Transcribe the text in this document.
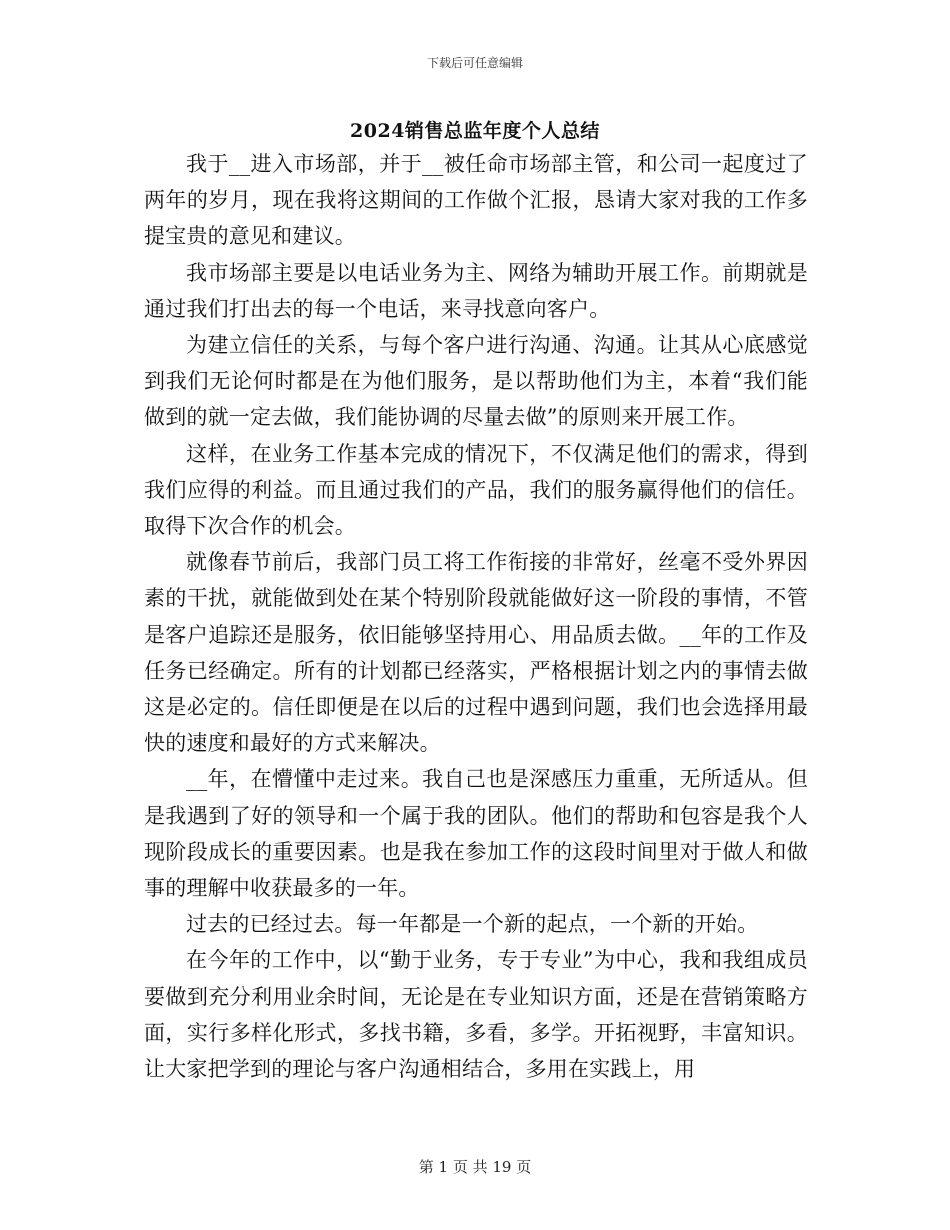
下载后可任意编辑
2024销售总监年度个人总结

我于__进入市场部，并于__被任命市场部主管，和公司一起度过了两年的岁月，现在我将这期间的工作做个汇报，恳请大家对我的工作多提宝贵的意见和建议。

我市场部主要是以电话业务为主、网络为辅助开展工作。前期就是通过我们打出去的每一个电话，来寻找意向客户。

为建立信任的关系，与每个客户进行沟通、沟通。让其从心底感觉到我们无论何时都是在为他们服务，是以帮助他们为主，本着“我们能做到的就一定去做，我们能协调的尽量去做”的原则来开展工作。

这样，在业务工作基本完成的情况下，不仅满足他们的需求，得到我们应得的利益。而且通过我们的产品，我们的服务赢得他们的信任。取得下次合作的机会。

就像春节前后，我部门员工将工作衔接的非常好，丝毫不受外界因素的干扰，就能做到处在某个特别阶段就能做好这一阶段的事情，不管是客户追踪还是服务，依旧能够坚持用心、用品质去做。__年的工作及任务已经确定。所有的计划都已经落实，严格根据计划之内的事情去做这是必定的。信任即便是在以后的过程中遇到问题，我们也会选择用最快的速度和最好的方式来解决。

__年，在懵懂中走过来。我自己也是深感压力重重，无所适从。但是我遇到了好的领导和一个属于我的团队。他们的帮助和包容是我个人现阶段成长的重要因素。也是我在参加工作的这段时间里对于做人和做事的理解中收获最多的一年。

过去的已经过去。每一年都是一个新的起点，一个新的开始。

在今年的工作中，以“勤于业务，专于专业”为中心，我和我组成员要做到充分利用业余时间，无论是在专业知识方面，还是在营销策略方面，实行多样化形式，多找书籍，多看，多学。开拓视野，丰富知识。让大家把学到的理论与客户沟通相结合，多用在实践上，用

第 1 页 共 19 页
